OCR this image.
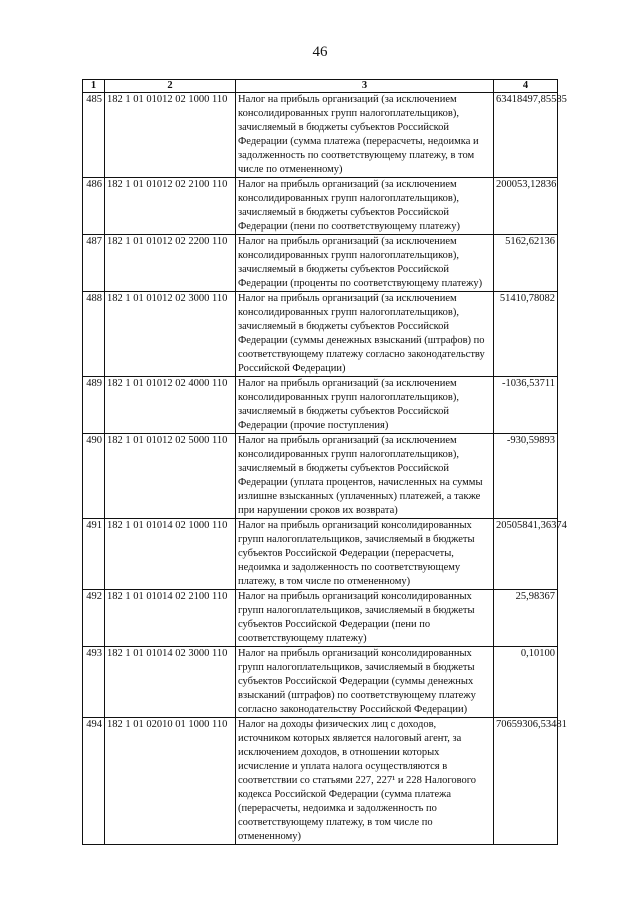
46
1	2	3	4
485	182 1 01 01012 02 1000 110	Налог на прибыль организаций (за исключением консолидированных групп налогоплательщиков), зачисляемый в бюджеты субъектов Российской Федерации (сумма платежа (перерасчеты, недоимка и задолженность по соответствующему платежу, в том числе по отмененному)	63418497,85585
486	182 1 01 01012 02 2100 110	Налог на прибыль организаций (за исключением консолидированных групп налогоплательщиков), зачисляемый в бюджеты субъектов Российской Федерации (пени по соответствующему платежу)	200053,12836
487	182 1 01 01012 02 2200 110	Налог на прибыль организаций (за исключением консолидированных групп налогоплательщиков), зачисляемый в бюджеты субъектов Российской Федерации (проценты по соответствующему платежу)	5162,62136
488	182 1 01 01012 02 3000 110	Налог на прибыль организаций (за исключением консолидированных групп налогоплательщиков), зачисляемый в бюджеты субъектов Российской Федерации (суммы денежных взысканий (штрафов) по соответствующему платежу согласно законодательству Российской Федерации)	51410,78082
489	182 1 01 01012 02 4000 110	Налог на прибыль организаций (за исключением консолидированных групп налогоплательщиков), зачисляемый в бюджеты субъектов Российской Федерации (прочие поступления)	-1036,53711
490	182 1 01 01012 02 5000 110	Налог на прибыль организаций (за исключением консолидированных групп налогоплательщиков), зачисляемый в бюджеты субъектов Российской Федерации (уплата процентов, начисленных на суммы излишне взысканных (уплаченных) платежей, а также при нарушении сроков их возврата)	-930,59893
491	182 1 01 01014 02 1000 110	Налог на прибыль организаций консолидированных групп налогоплательщиков, зачисляемый в бюджеты субъектов Российской Федерации (перерасчеты, недоимка и задолженность по соответствующему платежу, в том числе по отмененному)	20505841,36374
492	182 1 01 01014 02 2100 110	Налог на прибыль организаций консолидированных групп налогоплательщиков, зачисляемый в бюджеты субъектов Российской Федерации (пени по соответствующему платежу)	25,98367
493	182 1 01 01014 02 3000 110	Налог на прибыль организаций консолидированных групп налогоплательщиков, зачисляемый в бюджеты субъектов Российской Федерации (суммы денежных взысканий (штрафов) по соответствующему платежу согласно законодательству Российской Федерации)	0,10100
494	182 1 01 02010 01 1000 110	Налог на доходы физических лиц с доходов, источником которых является налоговый агент, за исключением доходов, в отношении которых исчисление и уплата налога осуществляются в соответствии со статьями 227, 227¹ и 228 Налогового кодекса Российской Федерации (сумма платежа (перерасчеты, недоимка и задолженность по соответствующему платежу, в том числе по отмененному)	70659306,53481
